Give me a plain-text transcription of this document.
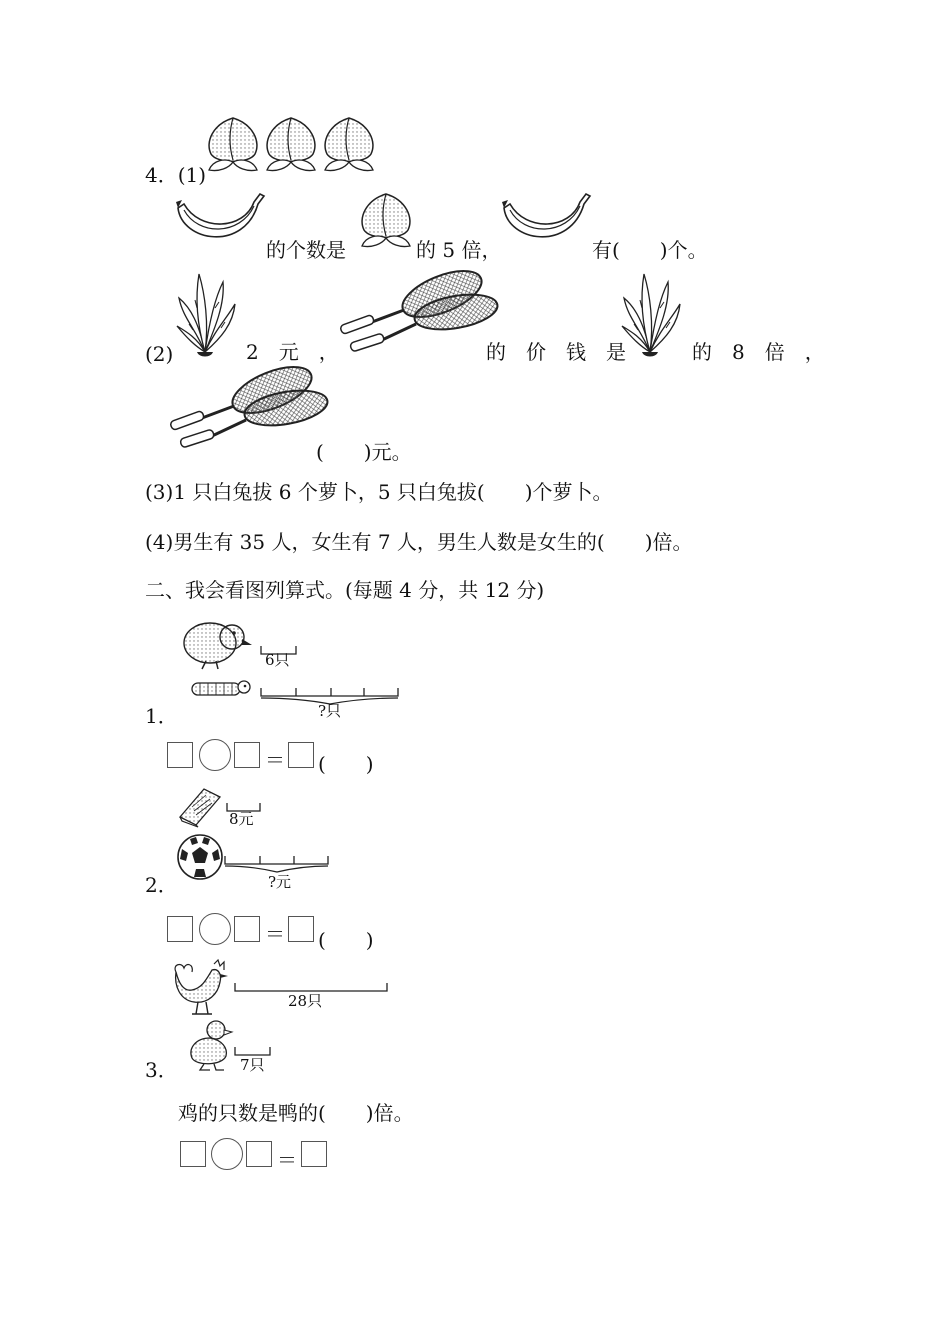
4．(1)
的个数是	的 5 倍，	有(　　)个。
(2)	2　元　，	的　价　钱　是	的　8　倍　，
(　　)元。
(3)1 只白兔拔 6 个萝卜，5 只白兔拔(　　)个萝卜。
(4)男生有 35 人，女生有 7 人，男生人数是女生的(　　)倍。
二、我会看图列算式。(每题 4 分，共 12 分)
6只
?只
1．
＝ (　　)
8元
?元
2．
＝ (　　)
28只
7只
3．
鸡的只数是鸭的(　　)倍。
＝
